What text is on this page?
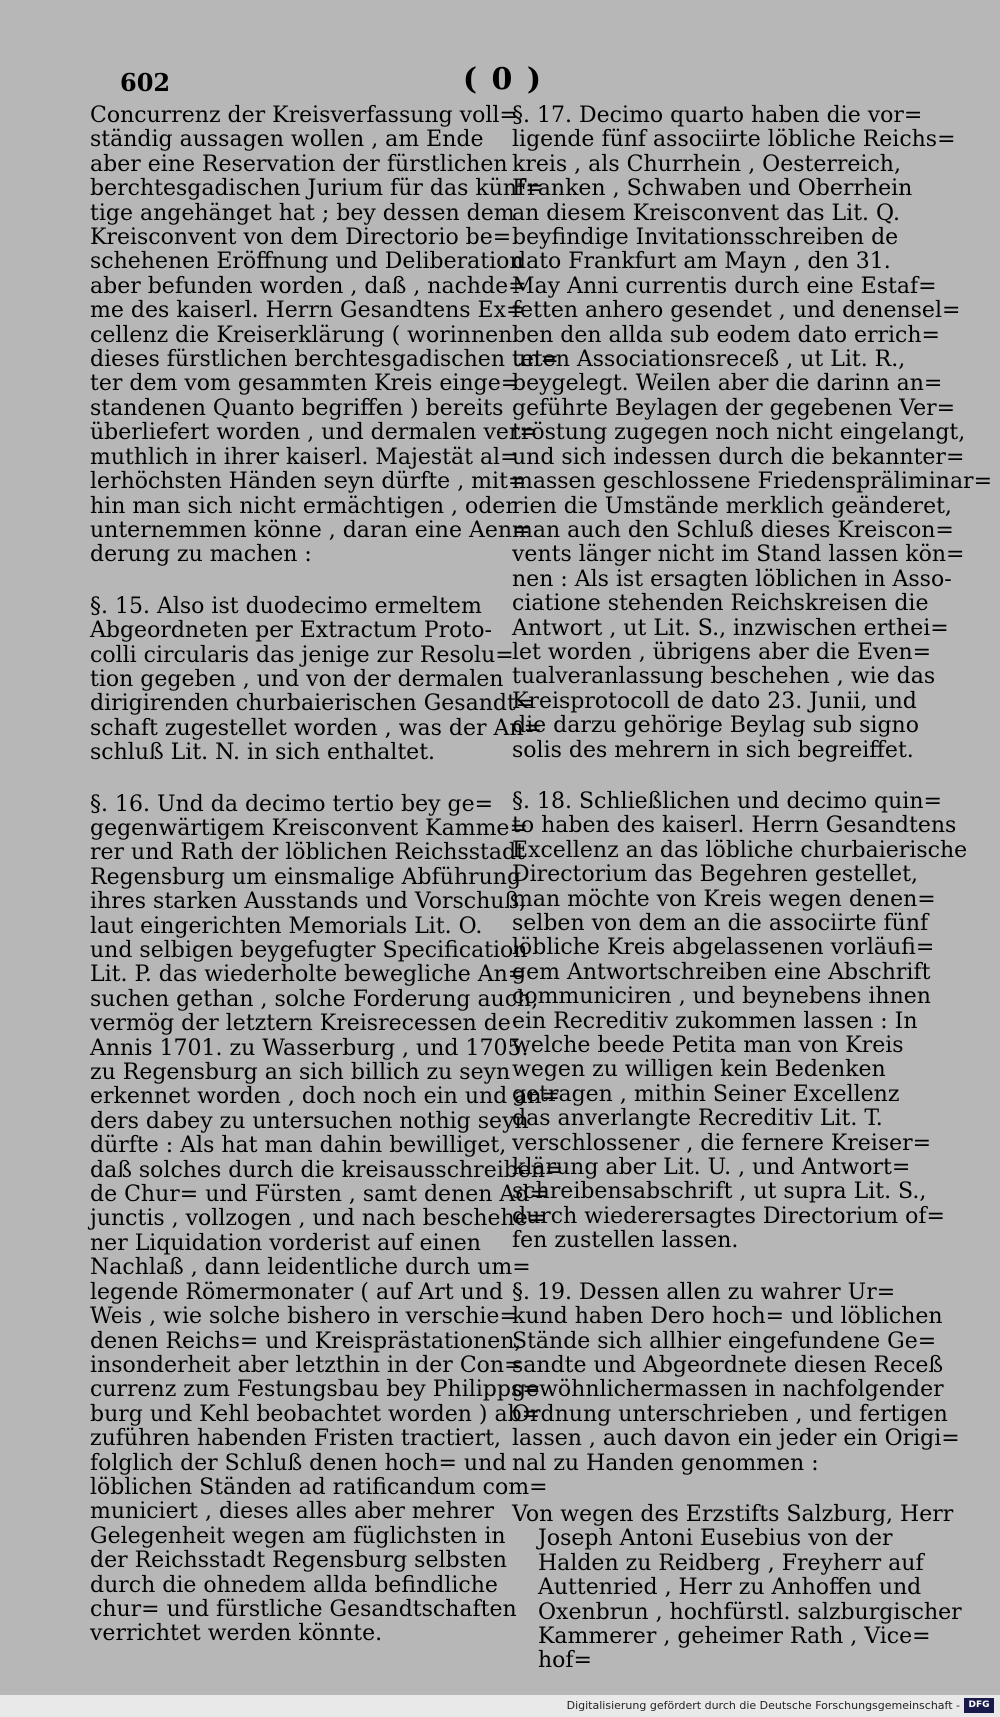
602	( 0 )
Concurrenz der Kreisverfassung voll=
ständig aussagen wollen , am Ende
aber eine Reservation der fürstlichen
berchtesgadischen Jurium für das künf=
tige angehänget hat ; bey dessen dem
Kreisconvent von dem Directorio be=
schehenen Eröffnung und Deliberation
aber befunden worden , daß , nachde=
me des kaiserl. Herrn Gesandtens Ex=
cellenz die Kreiserklärung ( worinnen
dieses fürstlichen berchtesgadischen un=
ter dem vom gesammten Kreis einge=
standenen Quanto begriffen ) bereits
überliefert worden , und dermalen ver=
muthlich in ihrer kaiserl. Majestät al=
lerhöchsten Händen seyn dürfte , mit=
hin man sich nicht ermächtigen , oder
unternemmen könne , daran eine Aen=
derung zu machen :
§. 15. Also ist duodecimo ermeltem
Abgeordneten per Extractum Proto-
colli circularis das jenige zur Resolu=
tion gegeben , und von der dermalen
dirigirenden churbaierischen Gesandt=
schaft zugestellet worden , was der An=
schluß Lit. N. in sich enthaltet.
§. 16. Und da decimo tertio bey ge=
gegenwärtigem Kreisconvent Kamme=
rer und Rath der löblichen Reichsstadt
Regensburg um einsmalige Abführung
ihres starken Ausstands und Vorschuß,
laut eingerichten Memorials Lit. O.
und selbigen beygefugter Specification
Lit. P. das wiederholte bewegliche An=
suchen gethan , solche Forderung auch,
vermög der letztern Kreisrecessen de
Annis 1701. zu Wasserburg , und 1705.
zu Regensburg an sich billich zu seyn
erkennet worden , doch noch ein und an=
ders dabey zu untersuchen nothig seyn
dürfte : Als hat man dahin bewilliget,
daß solches durch die kreisausschreiben=
de Chur= und Fürsten , samt denen Ad=
junctis , vollzogen , und nach beschehe=
ner Liquidation vorderist auf einen
Nachlaß , dann leidentliche durch um=
legende Römermonater ( auf Art und
Weis , wie solche bishero in verschie=
denen Reichs= und Kreisprästationen,
insonderheit aber letzthin in der Con=
currenz zum Festungsbau bey Philipps=
burg und Kehl beobachtet worden ) ab=
zuführen habenden Fristen tractiert,
folglich der Schluß denen hoch= und
löblichen Ständen ad ratificandum com=
municiert , dieses alles aber mehrer
Gelegenheit wegen am füglichsten in
der Reichsstadt Regensburg selbsten
durch die ohnedem allda befindliche
chur= und fürstliche Gesandtschaften
verrichtet werden könnte.
§. 17. Decimo quarto haben die vor=
ligende fünf associirte löbliche Reichs=
kreis , als Churrhein , Oesterreich,
Franken , Schwaben und Oberrhein
an diesem Kreisconvent das Lit. Q.
beyfindige Invitationsschreiben de
dato Frankfurt am Mayn , den 31.
May Anni currentis durch eine Estaf=
fetten anhero gesendet , und denensel=
ben den allda sub eodem dato errich=
teten Associationsreceß , ut Lit. R.,
beygelegt. Weilen aber die darinn an=
geführte Beylagen der gegebenen Ver=
tröstung zugegen noch nicht eingelangt,
und sich indessen durch die bekannter=
massen geschlossene Friedenspräliminar=
rien die Umstände merklich geänderet,
man auch den Schluß dieses Kreiscon=
vents länger nicht im Stand lassen kön=
nen : Als ist ersagten löblichen in Asso-
ciatione stehenden Reichskreisen die
Antwort , ut Lit. S., inzwischen erthei=
let worden , übrigens aber die Even=
tualveranlassung beschehen , wie das
Kreisprotocoll de dato 23. Junii, und
die darzu gehörige Beylag sub signo
solis des mehrern in sich begreiffet.
§. 18. Schließlichen und decimo quin=
to haben des kaiserl. Herrn Gesandtens
Excellenz an das löbliche churbaierische
Directorium das Begehren gestellet,
man möchte von Kreis wegen denen=
selben von dem an die associirte fünf
löbliche Kreis abgelassenen vorläufi=
gem Antwortschreiben eine Abschrift
communiciren , und beynebens ihnen
ein Recreditiv zukommen lassen : In
welche beede Petita man von Kreis
wegen zu willigen kein Bedenken
getragen , mithin Seiner Excellenz
das anverlangte Recreditiv Lit. T.
verschlossener , die fernere Kreiser=
klärung aber Lit. U. , und Antwort=
schreibensabschrift , ut supra Lit. S.,
durch wiederersagtes Directorium of=
fen zustellen lassen.
§. 19. Dessen allen zu wahrer Ur=
kund haben Dero hoch= und löblichen
Stände sich allhier eingefundene Ge=
sandte und Abgeordnete diesen Receß
gewöhnlichermassen in nachfolgender
Ordnung unterschrieben , und fertigen
lassen , auch davon ein jeder ein Origi=
nal zu Handen genommen :
Von wegen des Erzstifts Salzburg, Herr
Joseph Antoni Eusebius von der
Halden zu Reidberg , Freyherr auf
Auttenried , Herr zu Anhoffen und
Oxenbrun , hochfürstl. salzburgischer
Kammerer , geheimer Rath , Vice=
hof=
Digitalisierung gefördert durch die Deutsche Forschungsgemeinschaft - DFG
